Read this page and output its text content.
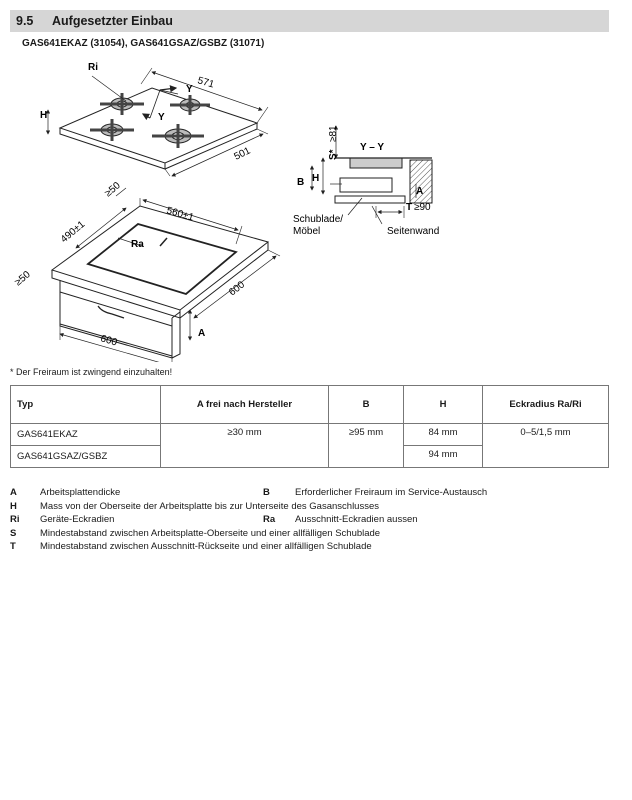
9.5	Aufgesetzter Einbau
GAS641EKAZ (31054), GAS641GSAZ/GSBZ (31071)
Ri
571
501
H
Y
Y
≥50
490±1
560±1
Ra
≥50
600
600	A
Y – Y
S*
≥81
B H
A
T ≥90
Schublade/
Möbel	Seitenwand
* Der Freiraum ist zwingend einzuhalten!
Typ	A frei nach Hersteller	B	H	Eckradius Ra/Ri
GAS641EKAZ	≥30 mm	≥95 mm	84 mm	0–5/1,5 mm
GAS641GSAZ/GSBZ			94 mm	
A	Arbeitsplattendicke	B	Erforderlicher Freiraum im Service-Austausch
H	Mass von der Oberseite der Arbeitsplatte bis zur Unterseite des Gasanschlusses
Ri	Geräte-Eckradien	Ra	Ausschnitt-Eckradien aussen
S	Mindestabstand zwischen Arbeitsplatte-Oberseite und einer allfälligen Schublade
T	Mindestabstand zwischen Ausschnitt-Rückseite und einer allfälligen Schublade
